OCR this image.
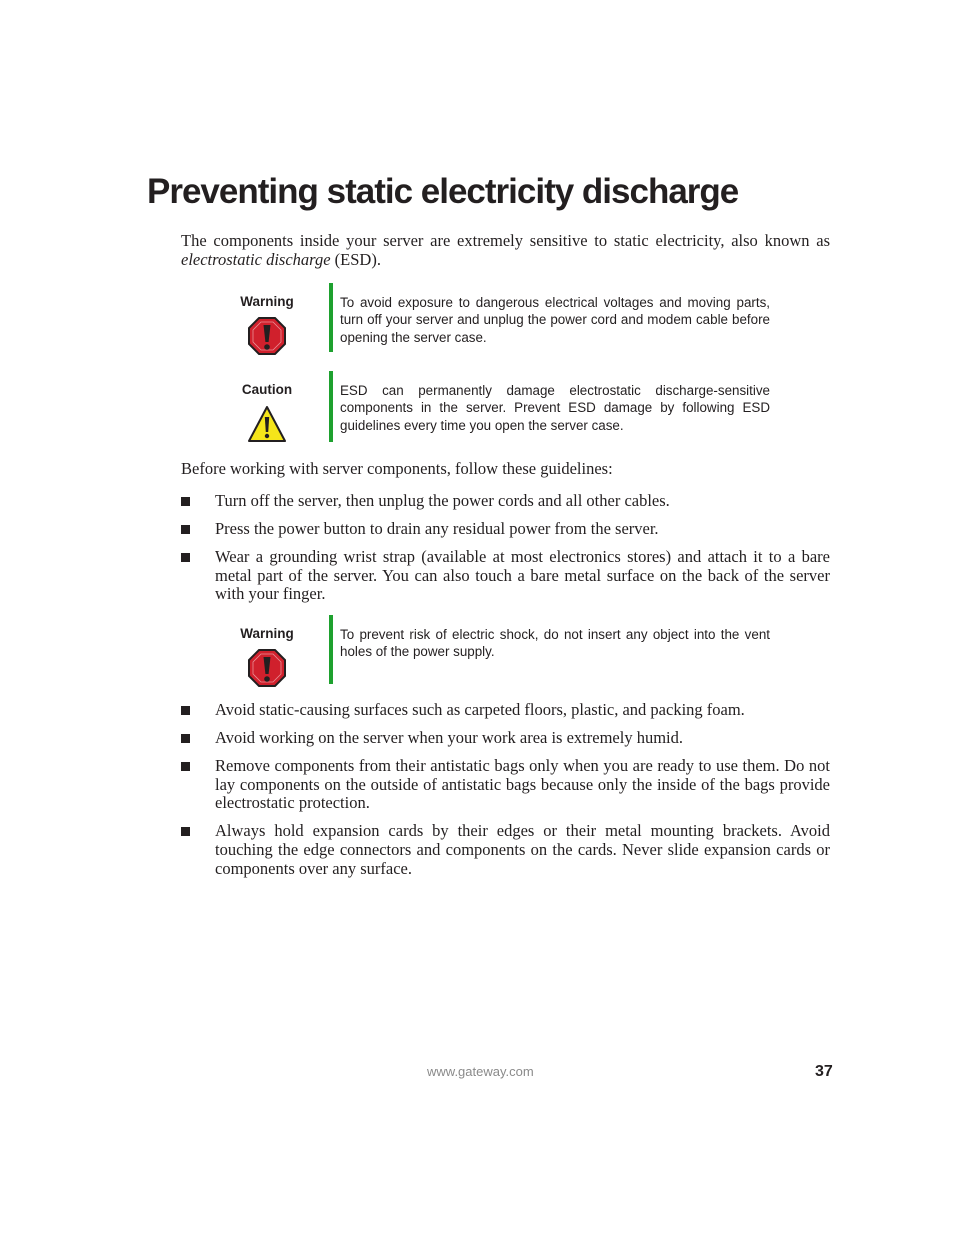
Preventing static electricity discharge

The components inside your server are extremely sensitive to static electricity, also known as electrostatic discharge (ESD).

Warning	To avoid exposure to dangerous electrical voltages and moving parts, turn off your server and unplug the power cord and modem cable before opening the server case.

Caution	ESD can permanently damage electrostatic discharge-sensitive components in the server. Prevent ESD damage by following ESD guidelines every time you open the server case.

Before working with server components, follow these guidelines:

Turn off the server, then unplug the power cords and all other cables.
Press the power button to drain any residual power from the server.
Wear a grounding wrist strap (available at most electronics stores) and attach it to a bare metal part of the server. You can also touch a bare metal surface on the back of the server with your finger.
Warning	To prevent risk of electric shock, do not insert any object into the vent holes of the power supply.

Avoid static-causing surfaces such as carpeted floors, plastic, and packing foam.
Avoid working on the server when your work area is extremely humid.
Remove components from their antistatic bags only when you are ready to use them. Do not lay components on the outside of antistatic bags because only the inside of the bags provide electrostatic protection.
Always hold expansion cards by their edges or their metal mounting brackets. Avoid touching the edge connectors and components on the cards. Never slide expansion cards or components over any surface.
www.gateway.com	37
